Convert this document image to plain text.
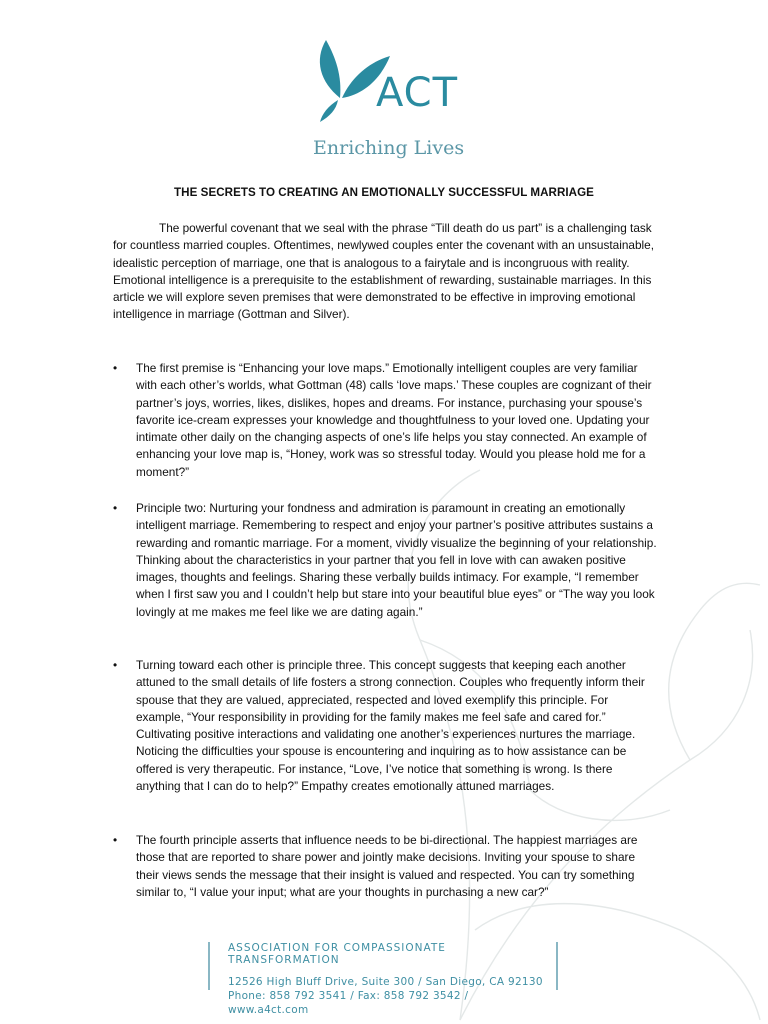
ACT
Enriching Lives
THE SECRETS TO CREATING AN EMOTIONALLY SUCCESSFUL MARRIAGE
The powerful covenant that we seal with the phrase “Till death do us part” is a challenging task for countless married couples. Oftentimes, newlywed couples enter the covenant with an unsustainable, idealistic perception of marriage, one that is analogous to a fairytale and is incongruous with reality. Emotional intelligence is a prerequisite to the establishment of rewarding, sustainable marriages. In this article we will explore seven premises that were demonstrated to be effective in improving emotional intelligence in marriage (Gottman and Silver).
• The first premise is “Enhancing your love maps.” Emotionally intelligent couples are very familiar with each other’s worlds, what Gottman (48) calls ‘love maps.’ These couples are cognizant of their partner’s joys, worries, likes, dislikes, hopes and dreams. For instance, purchasing your spouse’s favorite ice-cream expresses your knowledge and thoughtfulness to your loved one. Updating your intimate other daily on the changing aspects of one’s life helps you stay connected. An example of enhancing your love map is, “Honey, work was so stressful today. Would you please hold me for a moment?”
• Principle two: Nurturing your fondness and admiration is paramount in creating an emotionally intelligent marriage. Remembering to respect and enjoy your partner’s positive attributes sustains a rewarding and romantic marriage. For a moment, vividly visualize the beginning of your relationship. Thinking about the characteristics in your partner that you fell in love with can awaken positive images, thoughts and feelings. Sharing these verbally builds intimacy. For example, “I remember when I first saw you and I couldn’t help but stare into your beautiful blue eyes” or “The way you look lovingly at me makes me feel like we are dating again.”
• Turning toward each other is principle three. This concept suggests that keeping each another attuned to the small details of life fosters a strong connection. Couples who frequently inform their spouse that they are valued, appreciated, respected and loved exemplify this principle. For example, “Your responsibility in providing for the family makes me feel safe and cared for.” Cultivating positive interactions and validating one another’s experiences nurtures the marriage. Noticing the difficulties your spouse is encountering and inquiring as to how assistance can be offered is very therapeutic. For instance, “Love, I’ve notice that something is wrong. Is there anything that I can do to help?” Empathy creates emotionally attuned marriages.
• The fourth principle asserts that influence needs to be bi-directional. The happiest marriages are those that are reported to share power and jointly make decisions. Inviting your spouse to share their views sends the message that their insight is valued and respected. You can try something similar to, “I value your input; what are your thoughts in purchasing a new car?”
ASSOCIATION FOR COMPASSIONATE TRANSFORMATION
12526 High Bluff Drive, Suite 300 / San Diego, CA 92130
Phone: 858 792 3541 / Fax: 858 792 3542 / www.a4ct.com
